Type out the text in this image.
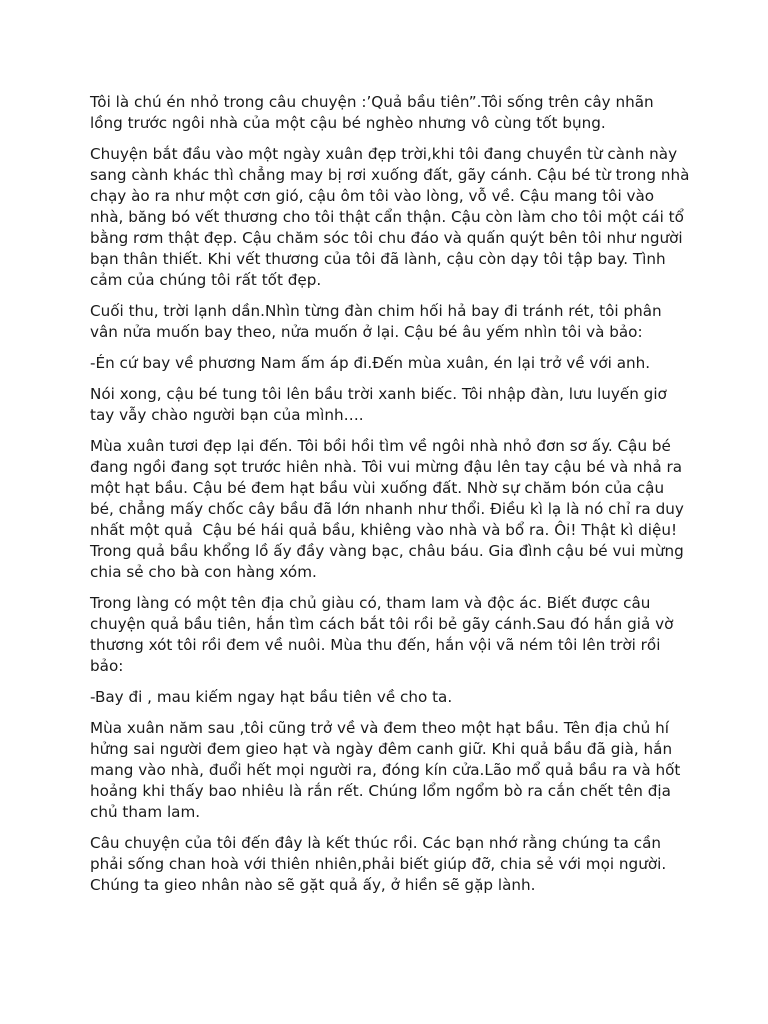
Tôi là chú én nhỏ trong câu chuyện :’Quả bầu tiên”.Tôi sống trên cây nhãn lồng trước ngôi nhà của một cậu bé nghèo nhưng vô cùng tốt bụng.

Chuyện bắt đầu vào một ngày xuân đẹp trời,khi tôi đang chuyền từ cành này sang cành khác thì chẳng may bị rơi xuống đất, gãy cánh. Cậu bé từ trong nhà chạy ào ra như một cơn gió, cậu ôm tôi vào lòng, vỗ về. Cậu mang tôi vào nhà, băng bó vết thương cho tôi thật cẩn thận. Cậu còn làm cho tôi một cái tổ bằng rơm thật đẹp. Cậu chăm sóc tôi chu đáo và quấn quýt bên tôi như người bạn thân thiết. Khi vết thương của tôi đã lành, cậu còn dạy tôi tập bay. Tình cảm của chúng tôi rất tốt đẹp.

Cuối thu, trời lạnh dần.Nhìn từng đàn chim hối hả bay đi tránh rét, tôi phân vân nửa muốn bay theo, nửa muốn ở lại. Cậu bé âu yếm nhìn tôi và bảo:

-Én cứ bay về phương Nam ấm áp đi.Đến mùa xuân, én lại trở về với anh.

Nói xong, cậu bé tung tôi lên bầu trời xanh biếc. Tôi nhập đàn, lưu luyến giơ tay vẫy chào người bạn của mình….

Mùa xuân tươi đẹp lại đến. Tôi bồi hồi tìm về ngôi nhà nhỏ đơn sơ ấy. Cậu bé đang ngồi đang sọt trước hiên nhà. Tôi vui mừng đậu lên tay cậu bé và nhả ra một hạt bầu. Cậu bé đem hạt bầu vùi xuống đất. Nhờ sự chăm bón của cậu bé, chẳng mấy chốc cây bầu đã lớn nhanh như thổi. Điều kì lạ là nó chỉ ra duy nhất một quả  Cậu bé hái quả bầu, khiêng vào nhà và bổ ra. Ôi! Thật kì diệu! Trong quả bầu khổng lồ ấy đầy vàng bạc, châu báu. Gia đình cậu bé vui mừng chia sẻ cho bà con hàng xóm.

Trong làng có một tên địa chủ giàu có, tham lam và độc ác. Biết được câu chuyện quả bầu tiên, hắn tìm cách bắt tôi rồi bẻ gãy cánh.Sau đó hắn giả vờ thương xót tôi rồi đem về nuôi. Mùa thu đến, hắn vội vã ném tôi lên trời rồi bảo:

-Bay đi , mau kiếm ngay hạt bầu tiên về cho ta.

Mùa xuân năm sau ,tôi cũng trở về và đem theo một hạt bầu. Tên địa chủ hí hửng sai người đem gieo hạt và ngày đêm canh giữ. Khi quả bầu đã già, hắn mang vào nhà, đuổi hết mọi người ra, đóng kín cửa.Lão mổ quả bầu ra và hốt hoảng khi thấy bao nhiêu là rắn rết. Chúng lổm ngổm bò ra cắn chết tên địa chủ tham lam.

Câu chuyện của tôi đến đây là kết thúc rồi. Các bạn nhớ rằng chúng ta cần phải sống chan hoà với thiên nhiên,phải biết giúp đỡ, chia sẻ với mọi người. Chúng ta gieo nhân nào sẽ gặt quả ấy, ở hiền sẽ gặp lành.
